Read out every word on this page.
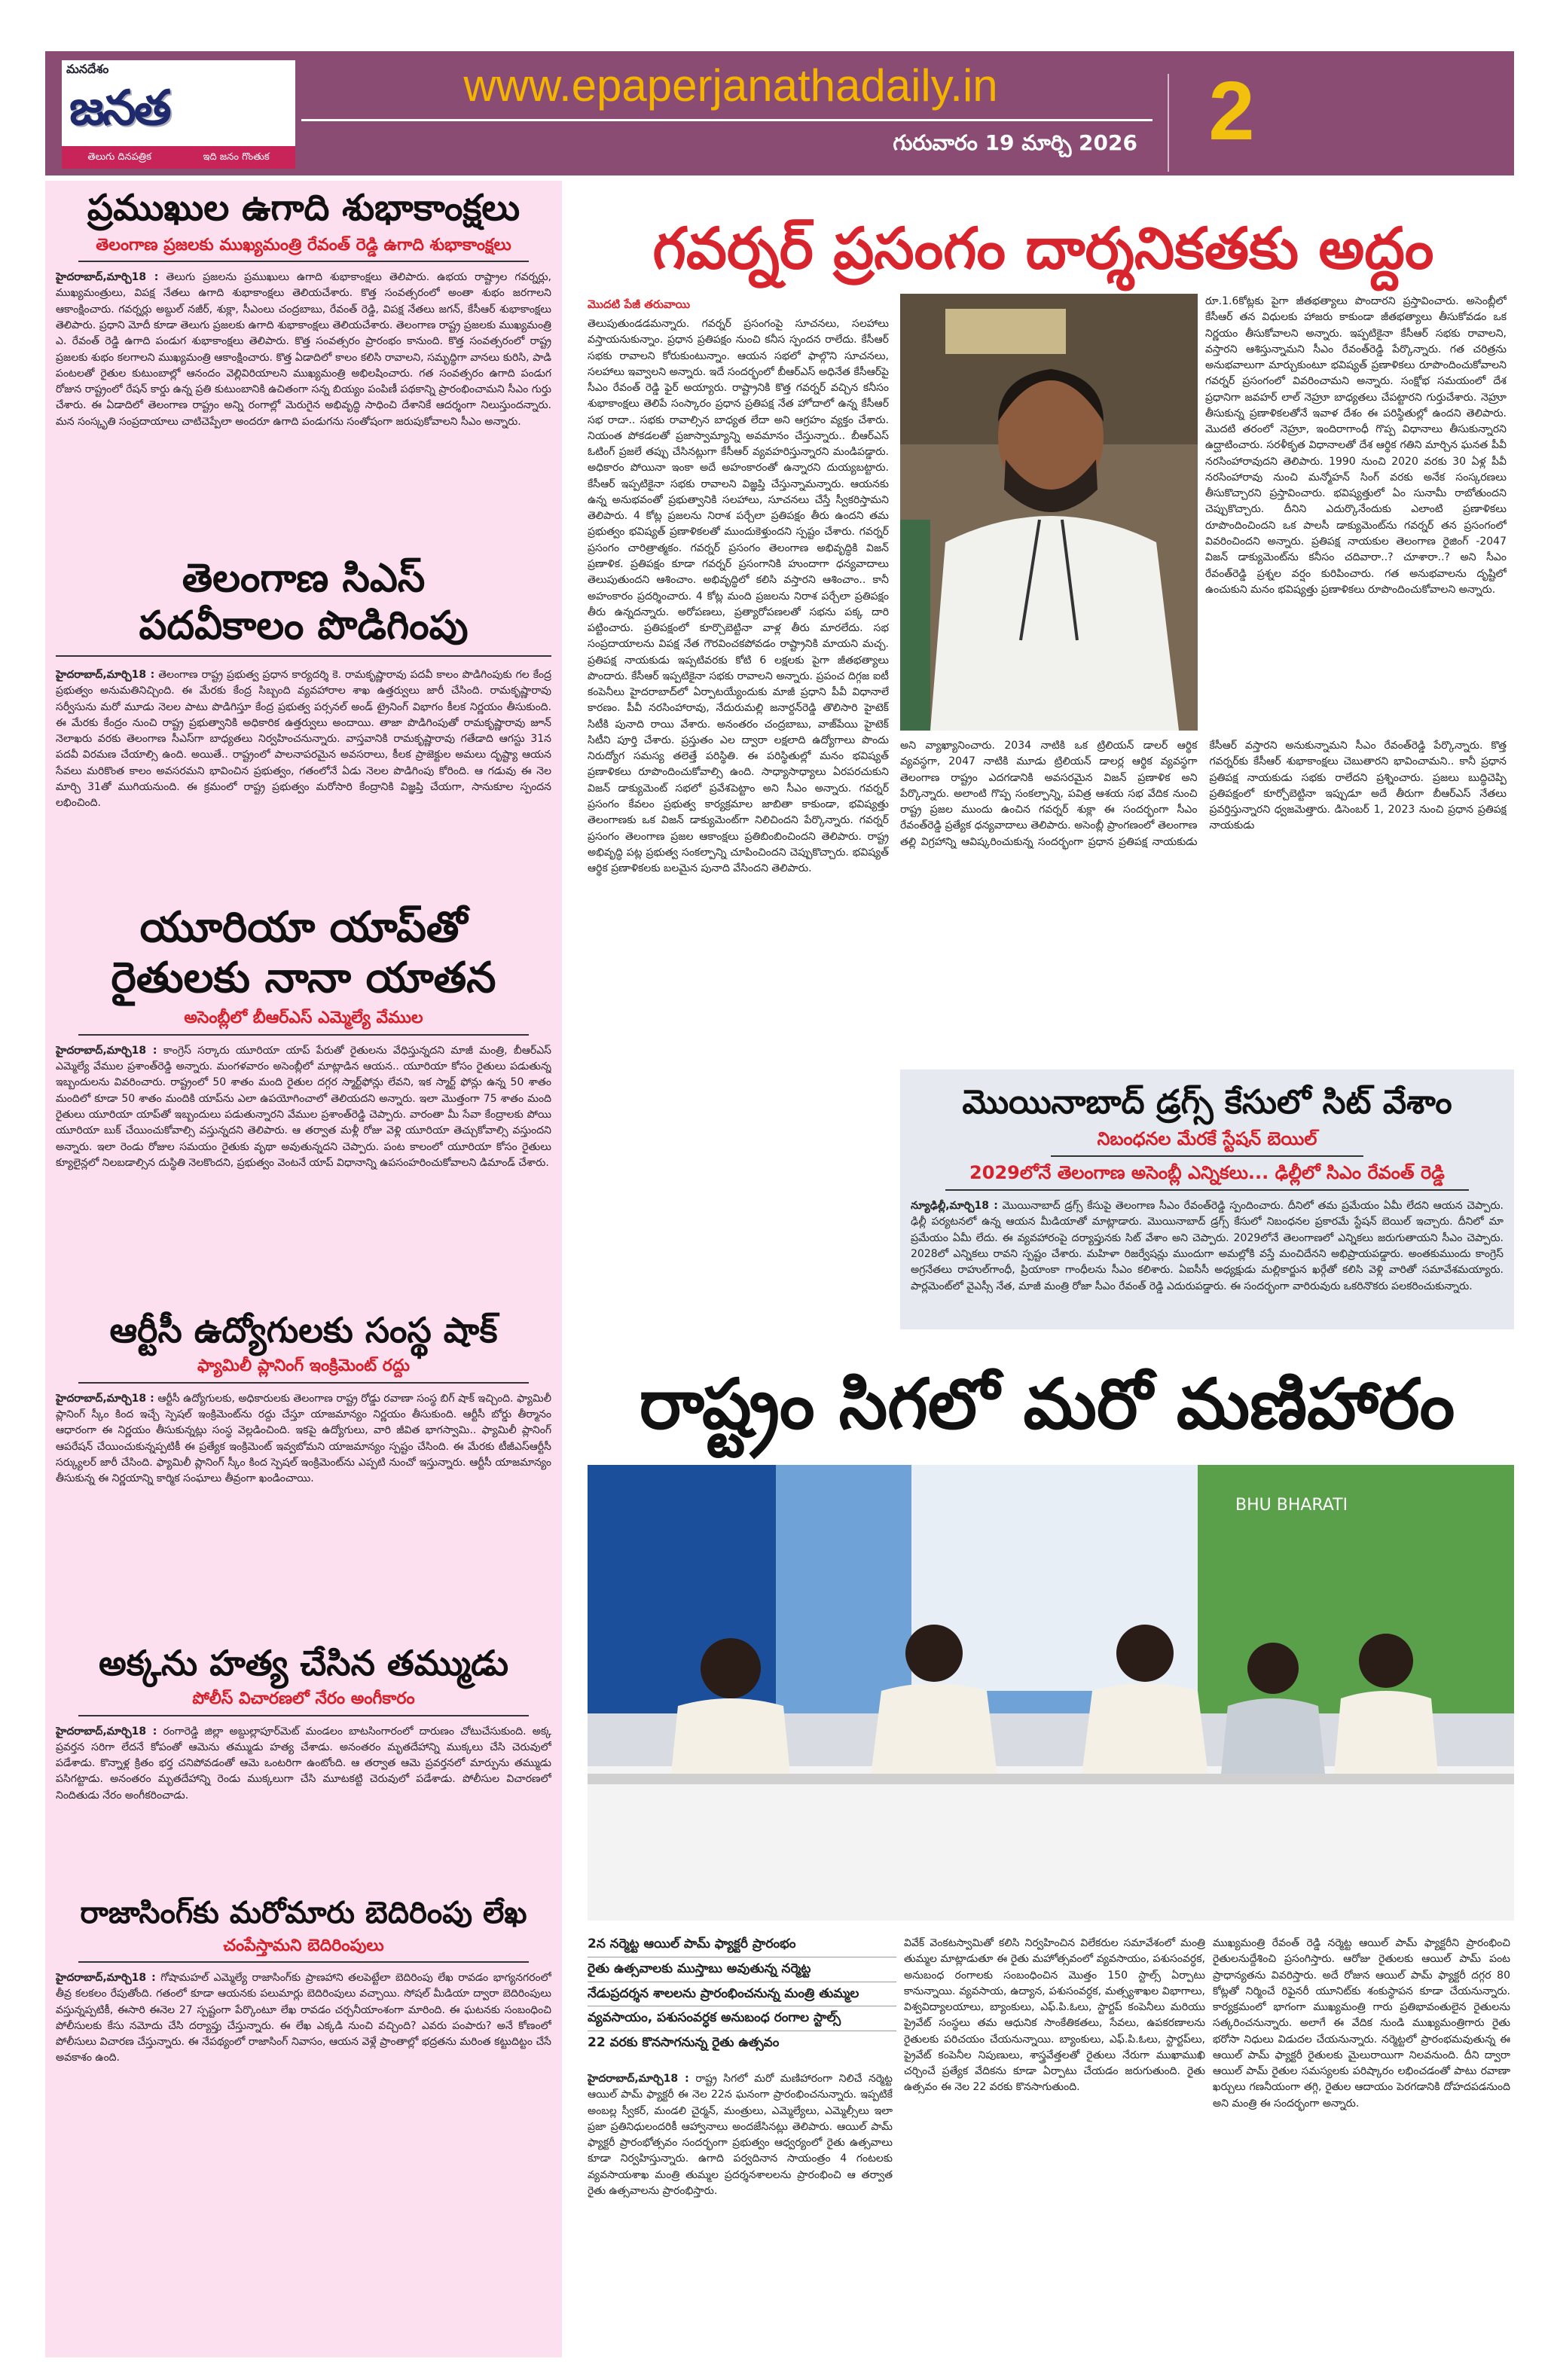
మనదేశం
జనత
తెలుగు దినపత్రిక	ఇది జనం గొంతుక
www.epaperjanathadaily.in
గురువారం 19 మార్చి 2026 2
ప్రముఖుల ఉగాది శుభాకాంక్షలు
తెలంగాణ ప్రజలకు ముఖ్యమంత్రి రేవంత్ రెడ్డి ఉగాది శుభాకాంక్షలు
హైదరాబాద్,మార్చి18 : తెలుగు ప్రజలను ప్రముఖులు ఉగాది శుభాకాంక్షలు తెలిపారు. ఉభయ రాష్ట్రాల గవర్నర్లు, ముఖ్యమంత్రులు, విపక్ష నేతలు ఉగాది శుభాకాంక్షలు తెలియచేశారు. కొత్త సంవత్సరంలో అంతా శుభం జరగాలని ఆకాంక్షించారు. గవర్నర్లు అబ్దుల్ నజీర్, శుక్లా, సీఎంలు చంద్రబాబు, రేవంత్ రెడ్డి, విపక్ష నేతలు జగన్, కేసీఆర్ శుభాకాంక్షలు తెలిపారు. ప్రధాని మోదీ కూడా తెలుగు ప్రజలకు ఉగాది శుభాకాంక్షలు తెలియచేశారు. తెలంగాణ రాష్ట్ర ప్రజలకు ముఖ్యమంత్రి ఎ. రేవంత్ రెడ్డి ఉగాది పండుగ శుభాకాంక్షలు తెలిపారు. కొత్త సంవత్సరం ప్రారంభం కానుంది. కొత్త సంవత్సరంలో రాష్ట్ర ప్రజలకు శుభం కలగాలని ముఖ్యమంత్రి ఆకాంక్షించారు. కొత్త ఏడాదిలో కాలం కలిసి రావాలని, సమృద్ధిగా వానలు కురిసి, పాడి పంటలతో రైతుల కుటుంబాల్లో ఆనందం వెల్లివిరియాలని ముఖ్యమంత్రి అభిలషించారు. గత సంవత్సరం ఉగాది పండుగ రోజున రాష్ట్రంలో రేషన్ కార్డు ఉన్న ప్రతి కుటుంబానికి ఉచితంగా సన్న బియ్యం పంపిణీ పథకాన్ని ప్రారంభించామని సీఎం గుర్తు చేశారు. ఈ ఏడాదిలో తెలంగాణ రాష్ట్రం అన్ని రంగాల్లో మెరుగైన అభివృద్ధి సాధించి దేశానికే ఆదర్శంగా నిలుస్తుందన్నారు. మన సంస్కృతి సంప్రదాయాలు చాటిచెప్పేలా అందరూ ఉగాది పండుగను సంతోషంగా జరుపుకోవాలని సీఎం అన్నారు.
తెలంగాణ సిఎస్ పదవీకాలం పొడిగింపు
హైదరాబాద్,మార్చి18 : తెలంగాణ రాష్ట్ర ప్రభుత్వ ప్రధాన కార్యదర్శి కె. రామకృష్ణారావు పదవీ కాలం పొడిగింపుకు గల కేంద్ర ప్రభుత్వం అనుమతినిచ్చింది. ఈ మేరకు కేంద్ర సిబ్బంది వ్యవహారాల శాఖ ఉత్తర్వులు జారీ చేసింది. రామకృష్ణారావు సర్వీసును మరో మూడు నెలల పాటు పొడిగిస్తూ కేంద్ర ప్రభుత్వ పర్సనల్ అండ్ ట్రైనింగ్ విభాగం కీలక నిర్ణయం తీసుకుంది. ఈ మేరకు కేంద్రం నుంచి రాష్ట్ర ప్రభుత్వానికి అధికారిక ఉత్తర్వులు అందాయి. తాజా పొడిగింపుతో రామకృష్ణారావు జూన్ నెలాఖరు వరకు తెలంగాణ సీఎస్‌గా బాధ్యతలు నిర్వహించనున్నారు. వాస్తవానికి రామకృష్ణారావు గతేడాది ఆగస్టు 31న పదవీ విరమణ చేయాల్సి ఉంది. అయితే.. రాష్ట్రంలో పాలనాపరమైన అవసరాలు, కీలక ప్రాజెక్టుల అమలు దృష్ట్యా ఆయన సేవలు మరికొంత కాలం అవసరమని భావించిన ప్రభుత్వం, గతంలోనే ఏడు నెలల పొడిగింపు కోరింది. ఆ గడువు ఈ నెల మార్చి 31తో ముగియనుంది. ఈ క్రమంలో రాష్ట్ర ప్రభుత్వం మరోసారి కేంద్రానికి విజ్ఞప్తి చేయగా, సానుకూల స్పందన లభించింది.
యూరియా యాప్‌తో రైతులకు నానా యాతన
అసెంబ్లీలో బీఆర్ఎస్ ఎమ్మెల్యే వేముల
హైదరాబాద్,మార్చి18 : కాంగ్రెస్ సర్కారు యూరియా యాప్ పేరుతో రైతులను వేధిస్తున్నదని మాజీ మంత్రి, బీఆర్ఎస్ ఎమ్మెల్యే వేముల ప్రశాంత్‌రెడ్డి అన్నారు. మంగళవారం అసెంబ్లీలో మాట్లాడిన ఆయన.. యూరియా కోసం రైతులు పడుతున్న ఇబ్బందులను వివరించారు. రాష్ట్రంలో 50 శాతం మంది రైతుల దగ్గర స్మార్ట్‌ఫోన్లు లేవని, ఇక స్మార్ట్ ఫోన్లు ఉన్న 50 శాతం మందిలో కూడా 50 శాతం మందికి యాప్‌ను ఎలా ఉపయోగించాలో తెలియదని అన్నారు. ఇలా మొత్తంగా 75 శాతం మంది రైతులు యూరియా యాప్‌తో ఇబ్బందులు పడుతున్నారని వేముల ప్రశాంత్‌రెడ్డి చెప్పారు. వారంతా మీ సేవా కేంద్రాలకు పోయి యూరియా బుక్ చేయించుకోవాల్సి వస్తున్నదని తెలిపారు. ఆ తర్వాత మళ్లీ రోజు వెళ్లి యూరియా తెచ్చుకోవాల్సి వస్తుందని అన్నారు. ఇలా రెండు రోజుల సమయం రైతుకు వృథా అవుతున్నదని చెప్పారు. పంట కాలంలో యూరియా కోసం రైతులు క్యూలైన్లలో నిలబడాల్సిన దుస్థితి నెలకొందని, ప్రభుత్వం వెంటనే యాప్ విధానాన్ని ఉపసంహరించుకోవాలని డిమాండ్ చేశారు.
ఆర్టీసీ ఉద్యోగులకు సంస్థ షాక్
ఫ్యామిలీ ప్లానింగ్ ఇంక్రిమెంట్ రద్దు
హైదరాబాద్,మార్చి18 : ఆర్టీసీ ఉద్యోగులకు, అధికారులకు తెలంగాణ రాష్ట్ర రోడ్డు రవాణా సంస్థ బిగ్ షాక్ ఇచ్చింది. ఫ్యామిలీ ప్లానింగ్ స్కీం కింద ఇచ్చే స్పెషల్ ఇంక్రిమెంట్‌ను రద్దు చేస్తూ యాజమాన్యం నిర్ణయం తీసుకుంది. ఆర్టీసీ బోర్డు తీర్మానం ఆధారంగా ఈ నిర్ణయం తీసుకున్నట్లు సంస్థ వెల్లడించింది. ఇకపై ఉద్యోగులు, వారి జీవిత భాగస్వామి.. ఫ్యామిలీ ప్లానింగ్ ఆపరేషన్ చేయించుకున్నప్పటికీ ఈ ప్రత్యేక ఇంక్రిమెంట్ ఇవ్వబోమని యాజమాన్యం స్పష్టం చేసింది. ఈ మేరకు టీజీఎస్ఆర్టీసీ సర్క్యులర్ జారీ చేసింది. ఫ్యామిలీ ప్లానింగ్ స్కీం కింద స్పెషల్ ఇంక్రిమెంట్‌ను ఎప్పటి నుంచో ఇస్తున్నారు. ఆర్టీసీ యాజమాన్యం తీసుకున్న ఈ నిర్ణయాన్ని కార్మిక సంఘాలు తీవ్రంగా ఖండించాయి.
అక్కను హత్య చేసిన తమ్ముడు
పోలీస్ విచారణలో నేరం అంగీకారం
హైదరాబాద్,మార్చి18 : రంగారెడ్డి జిల్లా అబ్దుల్లాపూర్‌మెట్ మండలం బాటసింగారంలో దారుణం చోటుచేసుకుంది. అక్క ప్రవర్తన సరిగా లేదనే కోపంతో ఆమెను తమ్ముడు హత్య చేశాడు. అనంతరం మృతదేహాన్ని ముక్కలు చేసి చెరువులో పడేశాడు. కొన్నాళ్ల క్రితం భర్త చనిపోవడంతో ఆమె ఒంటరిగా ఉంటోంది. ఆ తర్వాత ఆమె ప్రవర్తనలో మార్పును తమ్ముడు పసిగట్టాడు. అనంతరం మృతదేహాన్ని రెండు ముక్కలుగా చేసి మూటకట్టి చెరువులో పడేశాడు. పోలీసుల విచారణలో నిందితుడు నేరం అంగీకరించాడు.
రాజాసింగ్‌కు మరోమారు బెదిరింపు లేఖ
చంపేస్తామని బెదిరింపులు
హైదరాబాద్,మార్చి18 : గోషామహల్ ఎమ్మెల్యే రాజాసింగ్‌కు ప్రాణహాని తలపెట్టేలా బెదిరింపు లేఖ రావడం భాగ్యనగరంలో తీవ్ర కలకలం రేపుతోంది. గతంలో కూడా ఆయనకు పలుమార్లు బెదిరింపులు వచ్చాయి. సోషల్ మీడియా ద్వారా బెదిరింపులు వస్తున్నప్పటికీ, ఈసారి ఈనెల 27 స్పష్టంగా పేర్కొంటూ లేఖ రావడం చర్చనీయాంశంగా మారింది. ఈ ఘటనకు సంబంధించి పోలీసులకు కేసు నమోదు చేసి దర్యాప్తు చేస్తున్నారు. ఈ లేఖ ఎక్కడి నుంచి వచ్చింది? ఎవరు పంపారు? అనే కోణంలో పోలీసులు విచారణ చేస్తున్నారు. ఈ నేపథ్యంలో రాజాసింగ్ నివాసం, ఆయన వెళ్లే ప్రాంతాల్లో భద్రతను మరింత కట్టుదిట్టం చేసే అవకాశం ఉంది.
గవర్నర్ ప్రసంగం దార్శనికతకు అద్దం
మొదటి పేజీ తరువాయి
తెలుపుతుండడమన్నారు. గవర్నర్ ప్రసంగంపై సూచనలు, సలహాలు వస్తాయనుకున్నాం. ప్రధాన ప్రతిపక్షం నుంచి కనీస స్పందన రాలేదు. కేసీఆర్ సభకు రావాలని కోరుకుంటున్నాం. ఆయన సభలో ఫాల్గొని సూచనలు, సలహాలు ఇవ్వాలని అన్నారు. ఇదే సందర్భంలో బీఆర్ఎస్ అధినేత కేసీఆర్‌పై సీఎం రేవంత్ రెడ్డి ఫైర్ అయ్యారు. రాష్ట్రానికి కొత్త గవర్నర్ వచ్చిన కనీసం శుభాకాంక్షలు తెలిపే సంస్కారం ప్రధాన ప్రతిపక్ష నేత హోదాలో ఉన్న కేసీఆర్ సభ రాదా.. సభకు రావాల్సిన బాధ్యత లేదా అని ఆగ్రహం వ్యక్తం చేశారు. నియంత పోకడలతో ప్రజాస్వామ్యాన్ని అవమానం చేస్తున్నారు.. బీఆర్ఎస్ ఓటింగ్ ప్రజలే తప్పు చేసినట్లుగా కేసీఆర్ వ్యవహరిస్తున్నారని మండిపడ్డారు. అధికారం పోయినా ఇంకా అదే అహంకారంతో ఉన్నారని దుయ్యబట్టారు. కేసీఆర్ ఇప్పటికైనా సభకు రావాలని విజ్ఞప్తి చేస్తున్నామన్నారు. ఆయనకు ఉన్న అనుభవంతో ప్రభుత్వానికి సలహాలు, సూచనలు చేస్తే స్వీకరిస్తామని తెలిపారు. 4 కోట్ల ప్రజలను నిరాశ పర్చేలా ప్రతిపక్షం తీరు ఉందని తమ ప్రభుత్వం భవిష్యత్ ప్రణాళికలతో ముందుకెళ్తుందని స్పష్టం చేశారు. గవర్నర్ ప్రసంగం చారిత్రాత్మకం. గవర్నర్ ప్రసంగం తెలంగాణ అభివృద్ధికి విజన్ ప్రణాళిక. ప్రతిపక్షం కూడా గవర్నర్ ప్రసంగానికి హుందాగా ధన్యవాదాలు తెలుపుతుందని ఆశించాం. అభివృద్ధిలో కలిసి వస్తారని ఆశించాం.. కానీ అహంకారం ప్రదర్శించారు. 4 కోట్ల మంది ప్రజలను నిరాశ పర్చేలా ప్రతిపక్షం తీరు ఉన్నదన్నారు. అరోపణలు, ప్రత్యారోపణలతో సభను పక్క దారి పట్టించారు. ప్రతిపక్షంలో కూర్చొబెట్టినా వాళ్ల తీరు మారలేదు. సభ సంప్రదాయాలను విపక్ష నేత గౌరవించకపోవడం రాష్ట్రానికి మాయని మచ్చ. ప్రతిపక్ష నాయకుడు ఇప్పటివరకు కోటి 6 లక్షలకు పైగా జీతభత్యాలు పొందారు. కేసీఆర్ ఇప్పటికైనా సభకు రావాలని అన్నారు. ప్రపంచ దిగ్గజ ఐటీ కంపెనీలు హైదరాబాద్‌లో ఏర్పాటయ్యేందుకు మాజీ ప్రధాని పీవీ విధానాలే కారణం. పీవీ నరసింహారావు, నేదురుమల్లి జనార్దన్‌రెడ్డి తొలిసారి హైటెక్ సిటీకి పునాది రాయి వేశారు. అనంతరం చంద్రబాబు, వాజ్‌పేయి హైటెక్ సిటీని పూర్తి చేశారు. ప్రస్తుతం ఎల ద్వారా లక్షలాది ఉద్యోగాలు పొందు నిరుద్యోగ సమస్య తలెత్తే పరిస్థితి. ఈ పరిస్థితుల్లో మనం భవిష్యత్ ప్రణాళికలు రూపొందించుకోవాల్సి ఉంది. సాధ్యాసాధ్యాలు ఏరపరచుకుని విజన్ డాక్యుమెంట్ సభలో ప్రవేశపెట్టాం అని సీఎం అన్నారు. గవర్నర్ ప్రసంగం కేవలం ప్రభుత్వ కార్యక్రమాల జాబితా కాకుండా, భవిష్యత్తు తెలంగాణకు ఒక విజన్ డాక్యుమెంట్‌గా నిలిచిందని పేర్కొన్నారు. గవర్నర్ ప్రసంగం తెలంగాణ ప్రజల ఆకాంక్షలు ప్రతిబింబించిందని తెలిపారు. రాష్ట్ర అభివృద్ధి పట్ల ప్రభుత్వ సంకల్పాన్ని చూపించిందని చెప్పుకొచ్చారు. భవిష్యత్ ఆర్థిక ప్రణాళికలకు బలమైన పునాది వేసిందని తెలిపారు.
రూ.1.6కోట్లకు పైగా జీతభత్యాలు పొందారని ప్రస్తావించారు. అసెంబ్లీలో కేసీఆర్ తన విధులకు హాజరు కాకుండా జీతభత్యాలు తీసుకోవడం ఒక నిర్ణయం తీసుకోవాలని అన్నారు. ఇప్పటికైనా కేసీఆర్ సభకు రావాలని, వస్తారని ఆశిస్తున్నామని సీఎం రేవంత్‌రెడ్డి పేర్కొన్నారు. గత చరిత్రను అనుభవాలుగా మార్చుకుంటూ భవిష్యత్ ప్రణాళికలు రూపొందించుకోవాలని గవర్నర్ ప్రసంగంలో వివరించామని అన్నారు. సంక్షోభ సమయంలో దేశ ప్రధానిగా జవహర్ లాల్ నెహ్రూ బాధ్యతలు చేపట్టారని గుర్తుచేశారు. నెహ్రూ తీసుకున్న ప్రణాళికలతోనే ఇవాళ దేశం ఈ పరిస్థితుల్లో ఉందని తెలిపారు. మొదటి తరంలో నెహ్రూ, ఇందిరాగాంధీ గొప్ప విధానాలు తీసుకున్నారని ఉద్ఘాటించారు. సరళీకృత విధానాలతో దేశ ఆర్థిక గతిని మార్చిన ఘనత పీవీ నరసింహారావుదని తెలిపారు. 1990 నుంచి 2020 వరకు 30 ఏళ్ల పీవీ నరసింహారావు నుంచి మన్మోహన్ సింగ్ వరకు అనేక సంస్కరణలు తీసుకొచ్చారని ప్రస్తావించారు. భవిష్యత్తులో ఏం సునామీ రాబోతుందని చెప్పుకొచ్చారు. దీనిని ఎదుర్కొనేందుకు ఎలాంటి ప్రణాళికలు రూపొందించిందని ఒక పాలసీ డాక్యుమెంట్‌ను గవర్నర్ తన ప్రసంగంలో వివరించిందని అన్నారు. ప్రతిపక్ష నాయకుల తెలంగాణ రైజింగ్ -2047 విజన్ డాక్యుమెంట్‌ను కనీసం చదివారా..? చూశారా..? అని సీఎం రేవంత్‌రెడ్డి ప్రశ్నల వర్షం కురిపించారు. గత అనుభవాలను దృష్టిలో ఉంచుకుని మనం భవిష్యత్తు ప్రణాళికలు రూపొందించుకోవాలని అన్నారు.
అని వ్యాఖ్యానించారు. 2034 నాటికి ఒక ట్రిలియన్ డాలర్ ఆర్థిక వ్యవస్థగా, 2047 నాటికి మూడు ట్రిలియన్ డాలర్ల ఆర్థిక వ్యవస్థగా తెలంగాణ రాష్ట్రం ఎదగడానికి అవసరమైన విజన్ ప్రణాళిక అని పేర్కొన్నారు. అలాంటి గొప్ప సంకల్పాన్ని, పవిత్ర ఆశయ సభ వేదిక నుంచి రాష్ట్ర ప్రజల ముందు ఉంచిన గవర్నర్ శుక్లా ఈ సందర్భంగా సీఎం రేవంత్‌రెడ్డి ప్రత్యేక ధన్యవాదాలు తెలిపారు. అసెంబ్లీ ప్రాంగణంలో తెలంగాణ తల్లి విగ్రహాన్ని ఆవిష్కరించుకున్న సందర్భంగా ప్రధాన ప్రతిపక్ష నాయకుడు కేసీఆర్ వస్తారని అనుకున్నామని సీఎం రేవంత్‌రెడ్డి పేర్కొన్నారు. కొత్త గవర్నర్‌కు కేసీఆర్ శుభాకాంక్షలు చెబుతారని భావించామని.. కానీ ప్రధాన ప్రతిపక్ష నాయకుడు సభకు రాలేదని ప్రశ్నించారు. ప్రజలు బుద్ధిచెప్పి ప్రతిపక్షంలో కూర్చోబెట్టినా ఇప్పుడూ అదే తీరుగా బీఆర్ఎస్ నేతలు ప్రవర్తిస్తున్నారని ధ్వజమెత్తారు. డిసెంబర్ 1, 2023 నుంచి ప్రధాన ప్రతిపక్ష నాయకుడు
మొయినాబాద్ డ్రగ్స్ కేసులో సిట్ వేశాం
నిబంధనల మేరకే స్టేషన్ బెయిల్
2029లోనే తెలంగాణ అసెంబ్లీ ఎన్నికలు... ఢిల్లీలో సిఎం రేవంత్ రెడ్డి
న్యూఢిల్లీ,మార్చి18 : మొయినాబాద్ డ్రగ్స్ కేసుపై తెలంగాణ సీఎం రేవంత్‌రెడ్డి స్పందించారు. దీనిలో తమ ప్రమేయం ఏమీ లేదని ఆయన చెప్పారు. ఢిల్లీ పర్యటనలో ఉన్న ఆయన మీడియాతో మాట్లాడారు. మొయినాబాద్ డ్రగ్స్ కేసులో నిబంధనల ప్రకారమే స్టేషన్ బెయిల్ ఇచ్చారు. దీనిలో మా ప్రమేయం ఏమీ లేదు. ఈ వ్యవహారంపై దర్యాప్తునకు సిట్ వేశాం అని చెప్పారు. 2029లోనే తెలంగాణలో ఎన్నికలు జరుగుతాయని సీఎం చెప్పారు. 2028లో ఎన్నికలు రావని స్పష్టం చేశారు. మహిళా రిజర్వేషన్లు ముందుగా అమల్లోకి వస్తే మంచిదేనని అభిప్రాయపడ్డారు. అంతకుముందు కాంగ్రెస్ అగ్రనేతలు రాహుల్‌గాంధీ, ప్రియాంకా గాంధీలను సీఎం కలిశారు. ఏఐసీసీ అధ్యక్షుడు మల్లికార్జున ఖర్గేతో కలిసి వెళ్లి వారితో సమావేశమయ్యారు. పార్లమెంట్‌లో వైఎస్సీ నేత, మాజీ మంత్రి రోజా సీఎం రేవంత్ రెడ్డి ఎదురుపడ్డారు. ఈ సందర్భంగా వారిరువురు ఒకరినొకరు పలకరించుకున్నారు.
రాష్ట్రం సిగలో మరో మణిహారం
BHU BHARATI
2న నర్మెట్ట ఆయిల్ పామ్ ఫ్యాక్టరీ ప్రారంభం
రైతు ఉత్సవాలకు ముస్తాబు అవుతున్న నర్మెట్ట
నేడుప్రదర్శన శాలలను ప్రారంభించనున్న మంత్రి తుమ్మల
వ్యవసాయం, పశుసంవర్ధక అనుబంధ రంగాల స్టాల్స్
22 వరకు కొనసాగనున్న రైతు ఉత్సవం
హైదరాబాద్,మార్చి18 : రాష్ట్ర సిగలో మరో మణిహారంగా నిలిచే నర్మెట్ట ఆయిల్ పామ్ ఫ్యాక్టరీ ఈ నెల 22న ఘనంగా ప్రారంభించనున్నారు. ఇప్పటికే అంబల్ల స్వీకర్, మండలి చైర్మన్, మంత్రులు, ఎమ్మెల్యేలు, ఎమ్మెల్సీలు ఇలా ప్రజా ప్రతినిధులందరికీ ఆహ్వానాలు అందజేసినట్లు తెలిపారు. ఆయిల్ పామ్ ఫ్యాక్టరీ ప్రారంభోత్సవం సందర్భంగా ప్రభుత్వం ఆధ్వర్యంలో రైతు ఉత్సవాలు కూడా నిర్వహిస్తున్నారు. ఉగాది పర్వదినాన సాయంత్రం 4 గంటలకు వ్యవసాయశాఖ మంత్రి తుమ్మల ప్రదర్శనశాలలను ప్రారంభించి ఆ తర్వాత రైతు ఉత్సవాలను ప్రారంభిస్తారు.
వివేక్ వెంకటస్వామితో కలిసి నిర్వహించిన విలేకరుల సమావేశంలో మంత్రి తుమ్మల మాట్లాడుతూ ఈ రైతు మహోత్సవంలో వ్యవసాయం, పశుసంవర్ధక, అనుబంధ రంగాలకు సంబంధించిన మొత్తం 150 స్టాల్స్ ఏర్పాటు కానున్నాయి. వ్యవసాయ, ఉద్యాన, పశుసంవర్ధక, మత్స్యశాఖల విభాగాలు, విశ్వవిద్యాలయాలు, బ్యాంకులు, ఎఫ్.పి.ఓలు, స్టార్టప్ కంపెనీలు మరియు ప్రైవేట్ సంస్థలు తమ ఆధునిక సాంకేతికతలు, సేవలు, ఉపకరణాలను రైతులకు పరిచయం చేయనున్నాయి. బ్యాంకులు, ఎఫ్.పి.ఓలు, స్టార్టప్‌లు, ప్రైవేట్ కంపెనీల నిపుణులు, శాస్త్రవేత్తలతో రైతులు నేరుగా ముఖాముఖి చర్చించే ప్రత్యేక వేదికను కూడా ఏర్పాటు చేయడం జరుగుతుంది. రైతు ఉత్సవం ఈ నెల 22 వరకు కొనసాగుతుంది.
ముఖ్యమంత్రి రేవంత్ రెడ్డి నర్మెట్ట ఆయిల్ పామ్ ఫ్యాక్టరీని ప్రారంభించి రైతులనుద్దేశించి ప్రసంగిస్తారు. ఆరోజు రైతులకు ఆయిల్ పామ్ పంట ప్రాధాన్యతను వివరిస్తారు. అదే రోజున ఆయిల్ పామ్ ఫ్యాక్టరీ దగ్గర 80 కోట్లతో నిర్మించే రిఫైనరీ యూనిట్‌కు శంకుస్థాపన కూడా చేయనున్నారు. కార్యక్రమంలో భాగంగా ముఖ్యమంత్రి గారు ప్రతిభావంతులైన రైతులను సత్కరించనున్నారు. అలాగే ఈ వేదిక నుండి ముఖ్యమంత్రిగారు రైతు భరోసా నిధులు విడుదల చేయనున్నారు. నర్మెట్టలో ప్రారంభమవుతున్న ఈ ఆయిల్ పామ్ ఫ్యాక్టరీ రైతులకు మైలురాయిగా నిలవనుంది. దీని ద్వారా ఆయిల్ పామ్ రైతుల సమస్యలకు పరిష్కారం లభించడంతో పాటు రవాణా ఖర్చులు గణనీయంగా తగ్గి, రైతుల ఆదాయం పెరగడానికి దోహదపడనుంది అని మంత్రి ఈ సందర్భంగా అన్నారు.
